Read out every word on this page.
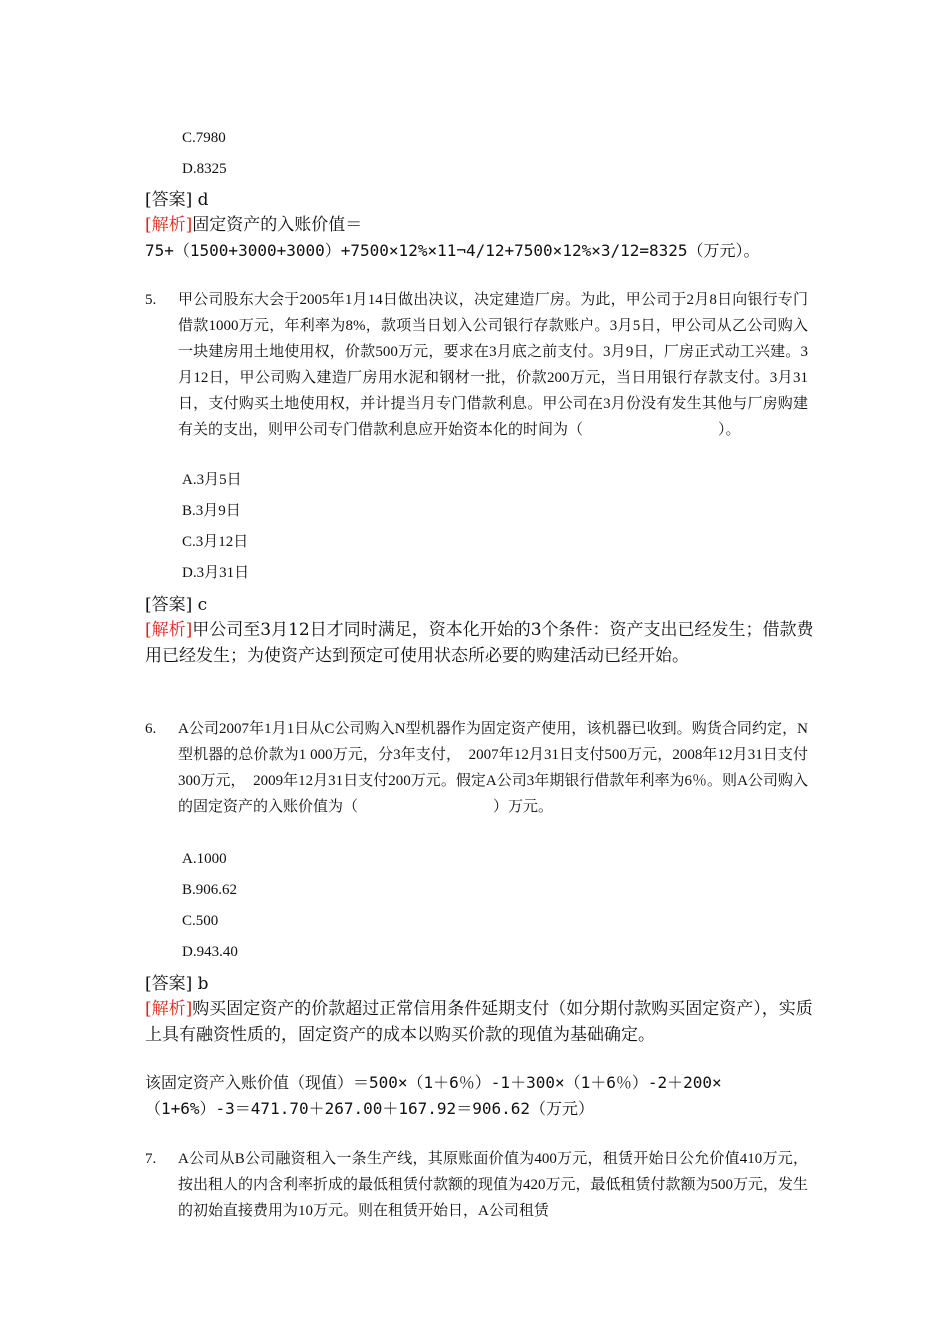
C.7980
D.8325
[答案] d
[解析]固定资产的入账价值＝
75+（1500+3000+3000）+7500×12%×11¬4/12+7500×12%×3/12=8325（万元）。
5. 甲公司股东大会于2005年1月14日做出决议，决定建造厂房。为此，甲公司于2月8日向银行专门借款1000万元，年利率为8%，款项当日划入公司银行存款账户。3月5日，甲公司从乙公司购入一块建房用土地使用权，价款500万元，要求在3月底之前支付。3月9日，厂房正式动工兴建。3月12日，甲公司购入建造厂房用水泥和钢材一批，价款200万元，当日用银行存款支付。3月31日，支付购买土地使用权，并计提当月专门借款利息。甲公司在3月份没有发生其他与厂房购建有关的支出，则甲公司专门借款利息应开始资本化的时间为（　　　　　　　　　）。
A.3月5日
B.3月9日
C.3月12日
D.3月31日
[答案] c
[解析]甲公司至3月12日才同时满足，资本化开始的3个条件：资产支出已经发生；借款费用已经发生；为使资产达到预定可使用状态所必要的购建活动已经开始。
6. A公司2007年1月1日从C公司购入N型机器作为固定资产使用，该机器已收到。购货合同约定，N型机器的总价款为1 000万元，分3年支付，　2007年12月31日支付500万元，2008年12月31日支付300万元，　2009年12月31日支付200万元。假定A公司3年期银行借款年利率为6％。则A公司购入的固定资产的入账价值为（　　　　　　　　　）万元。
A.1000
B.906.62
C.500
D.943.40
[答案] b
[解析]购买固定资产的价款超过正常信用条件延期支付（如分期付款购买固定资产），实质上具有融资性质的，固定资产的成本以购买价款的现值为基础确定。
该固定资产入账价值（现值）＝500×（1＋6％）-1＋300×（1＋6％）-2＋200×（1+6%）-3＝471.70＋267.00＋167.92＝906.62（万元）
7. A公司从B公司融资租入一条生产线，其原账面价值为400万元，租赁开始日公允价值410万元，按出租人的内含利率折成的最低租赁付款额的现值为420万元，最低租赁付款额为500万元，发生的初始直接费用为10万元。则在租赁开始日，A公司租赁
